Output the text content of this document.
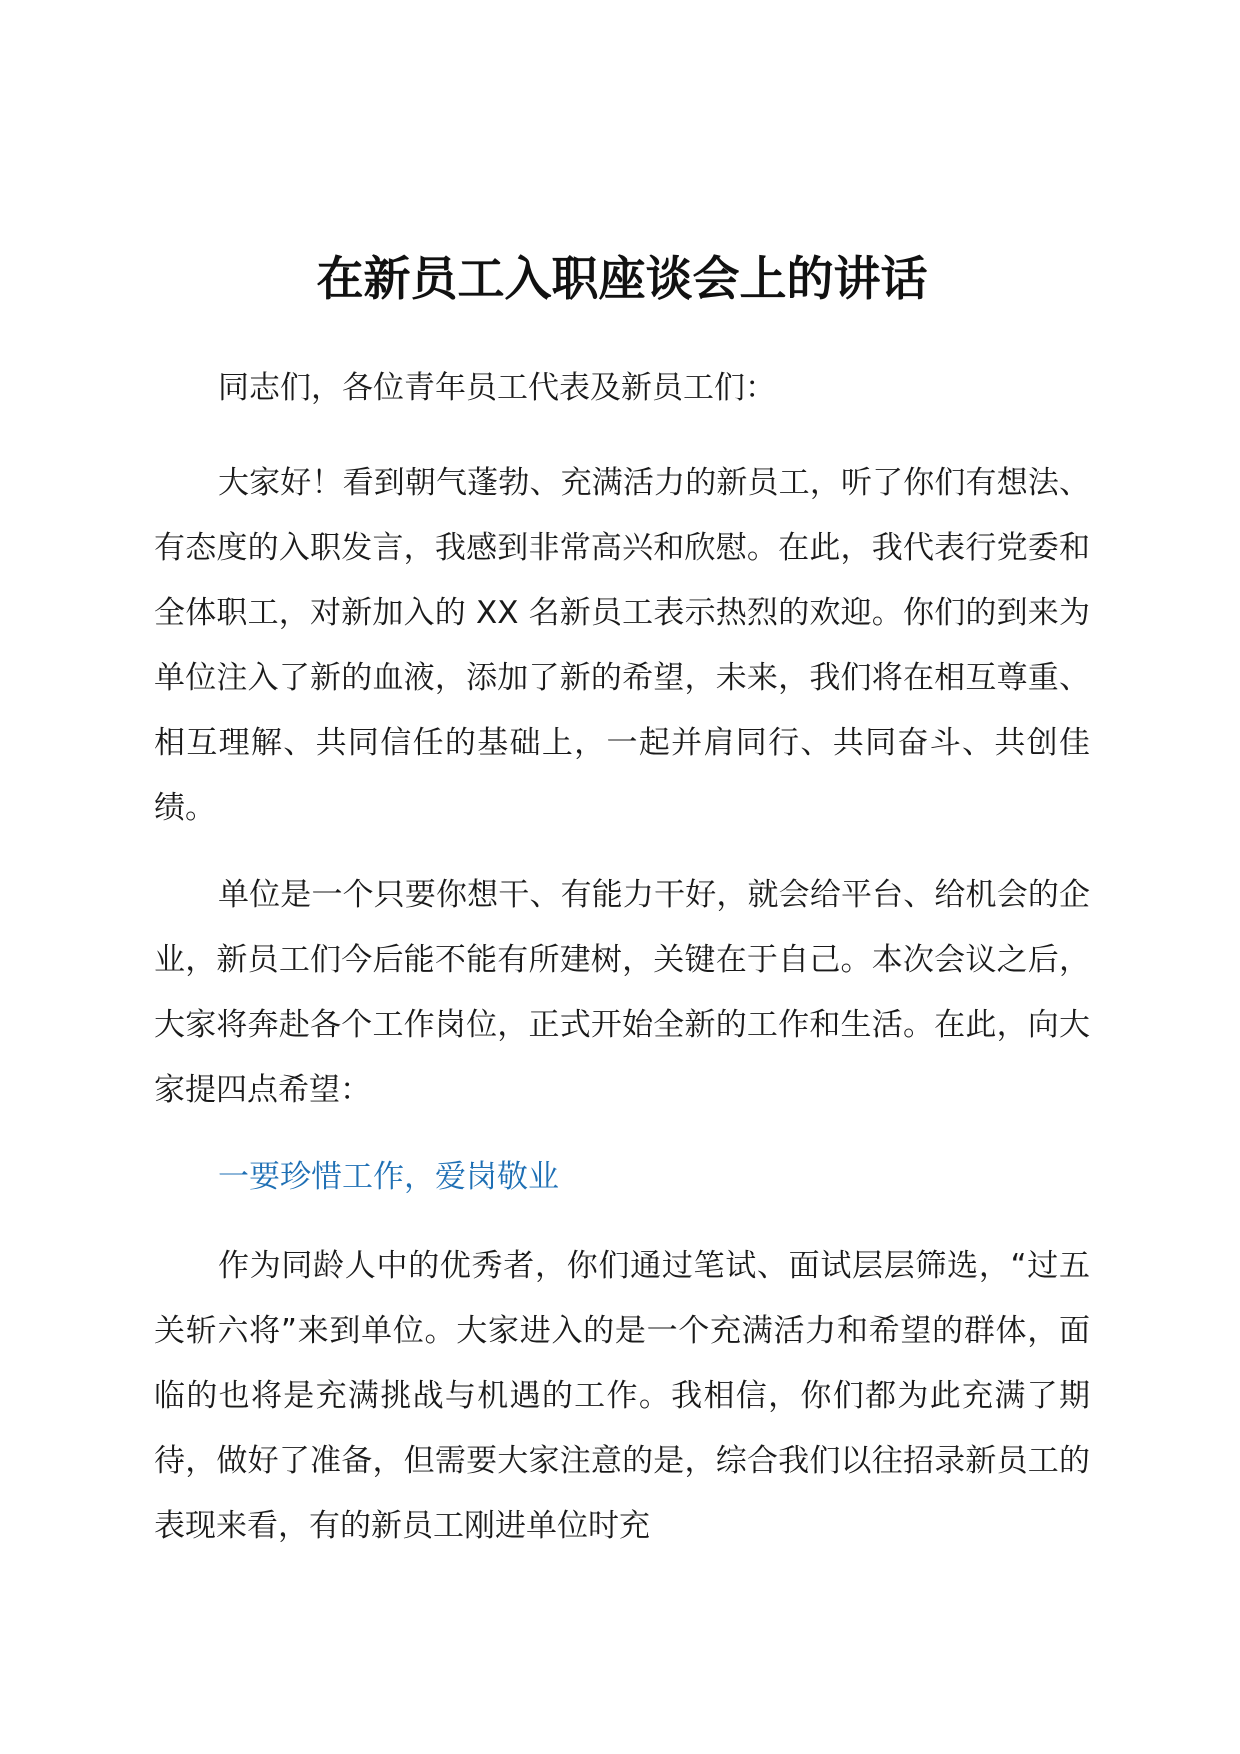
在新员工入职座谈会上的讲话

同志们，各位青年员工代表及新员工们：

大家好！看到朝气蓬勃、充满活力的新员工，听了你们有想法、有态度的入职发言，我感到非常高兴和欣慰。在此，我代表行党委和全体职工，对新加入的 XX 名新员工表示热烈的欢迎。你们的到来为单位注入了新的血液，添加了新的希望，未来，我们将在相互尊重、相互理解、共同信任的基础上，一起并肩同行、共同奋斗、共创佳绩。

单位是一个只要你想干、有能力干好，就会给平台、给机会的企业，新员工们今后能不能有所建树，关键在于自己。本次会议之后，大家将奔赴各个工作岗位，正式开始全新的工作和生活。在此，向大家提四点希望：

一要珍惜工作，爱岗敬业

作为同龄人中的优秀者，你们通过笔试、面试层层筛选，“过五关斩六将”来到单位。大家进入的是一个充满活力和希望的群体，面临的也将是充满挑战与机遇的工作。我相信，你们都为此充满了期待，做好了准备，但需要大家注意的是，综合我们以往招录新员工的表现来看，有的新员工刚进单位时充
